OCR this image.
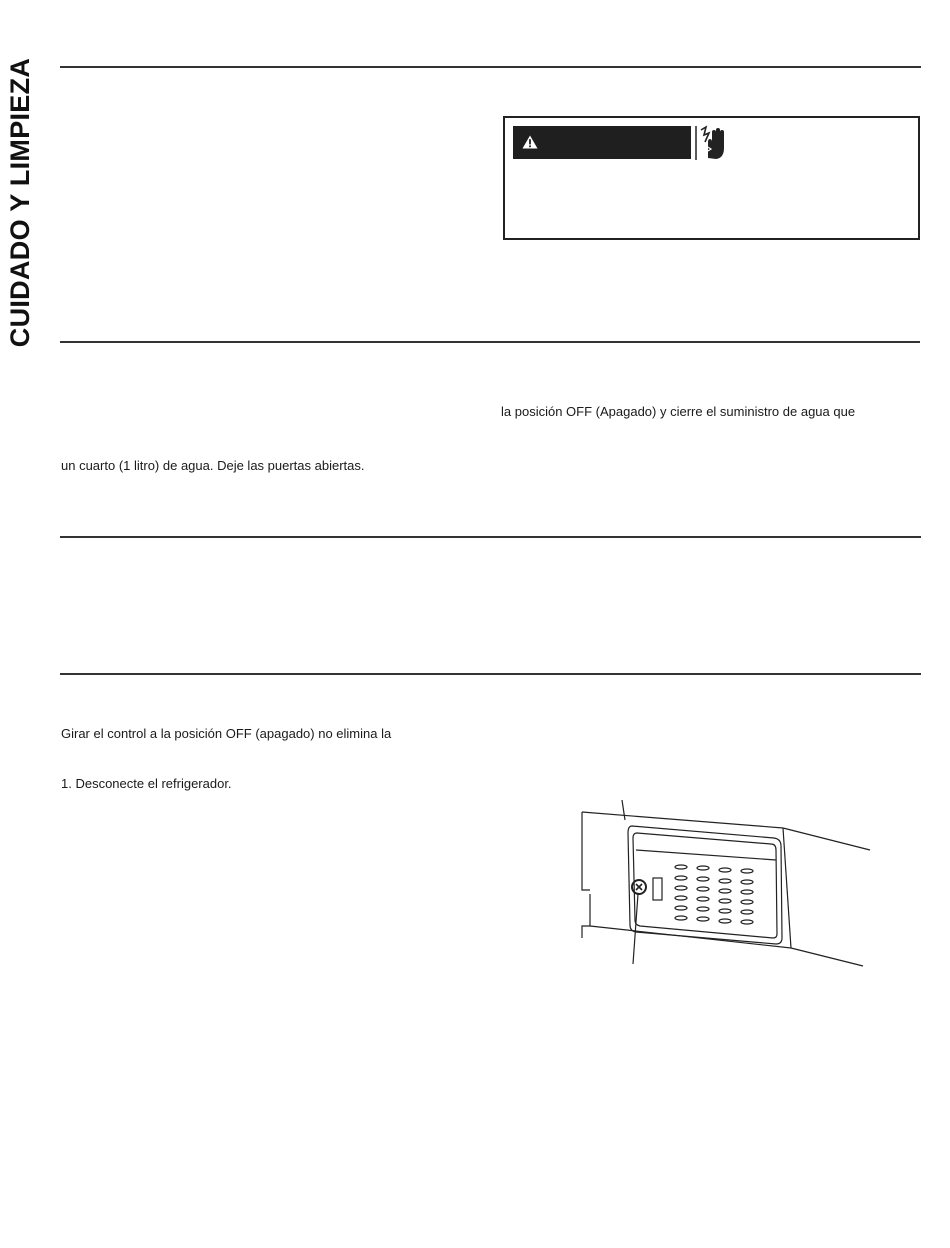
CUIDADO Y LIMPIEZA
la posición OFF (Apagado) y cierre el suministro de agua que
un cuarto (1 litro) de agua. Deje las puertas abiertas.
Girar el control a la posición OFF (apagado) no elimina la
1. Desconecte el refrigerador.
